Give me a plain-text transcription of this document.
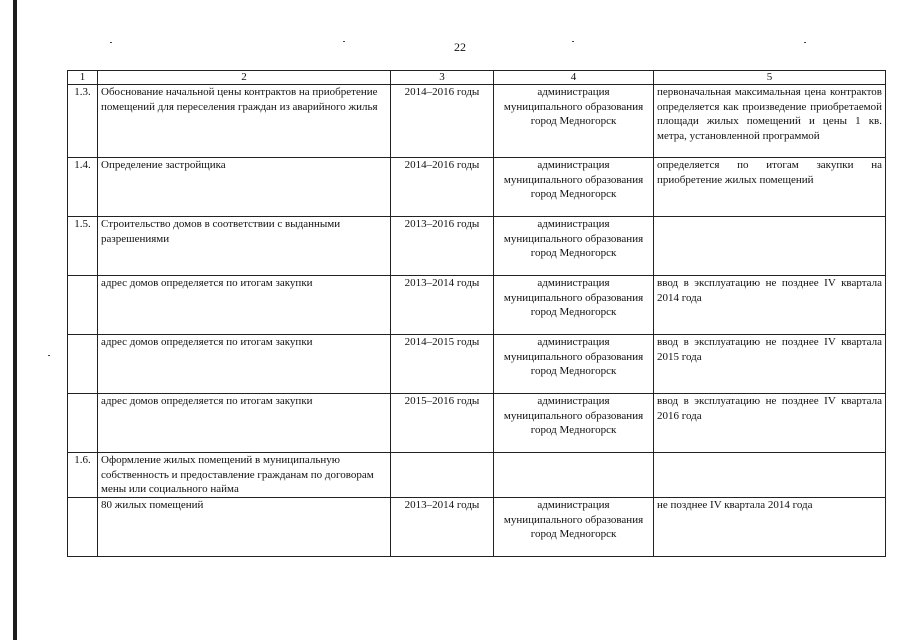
22
1	2	3	4	5
1.3.	Обоснование начальной цены контрактов на приобретение помещений для переселения граждан из аварийного жилья	2014–2016 годы	администрация муниципального образования город Медногорск	первоначальная максимальная цена контрактов определяется как произведение приобретаемой площади жилых помещений и цены 1 кв. метра, установленной программой
1.4.	Определение застройщика	2014–2016 годы	администрация муниципального образования город Медногорск	определяется по итогам закупки на приобретение жилых помещений
1.5.	Строительство домов в соответствии с выданными разрешениями	2013–2016 годы	администрация муниципального образования город Медногорск	
	адрес домов определяется по итогам закупки	2013–2014 годы	администрация муниципального образования город Медногорск	ввод в эксплуатацию не позднее IV квартала 2014 года
	адрес домов определяется по итогам закупки	2014–2015 годы	администрация муниципального образования город Медногорск	ввод в эксплуатацию не позднее IV квартала 2015 года
	адрес домов определяется по итогам закупки	2015–2016 годы	администрация муниципального образования город Медногорск	ввод в эксплуатацию не позднее IV квартала 2016 года
1.6.	Оформление жилых помещений в муниципальную собственность и предоставление гражданам по договорам мены или социального найма			
	80 жилых помещений	2013–2014 годы	администрация муниципального образования город Медногорск	не позднее IV квартала 2014 года
